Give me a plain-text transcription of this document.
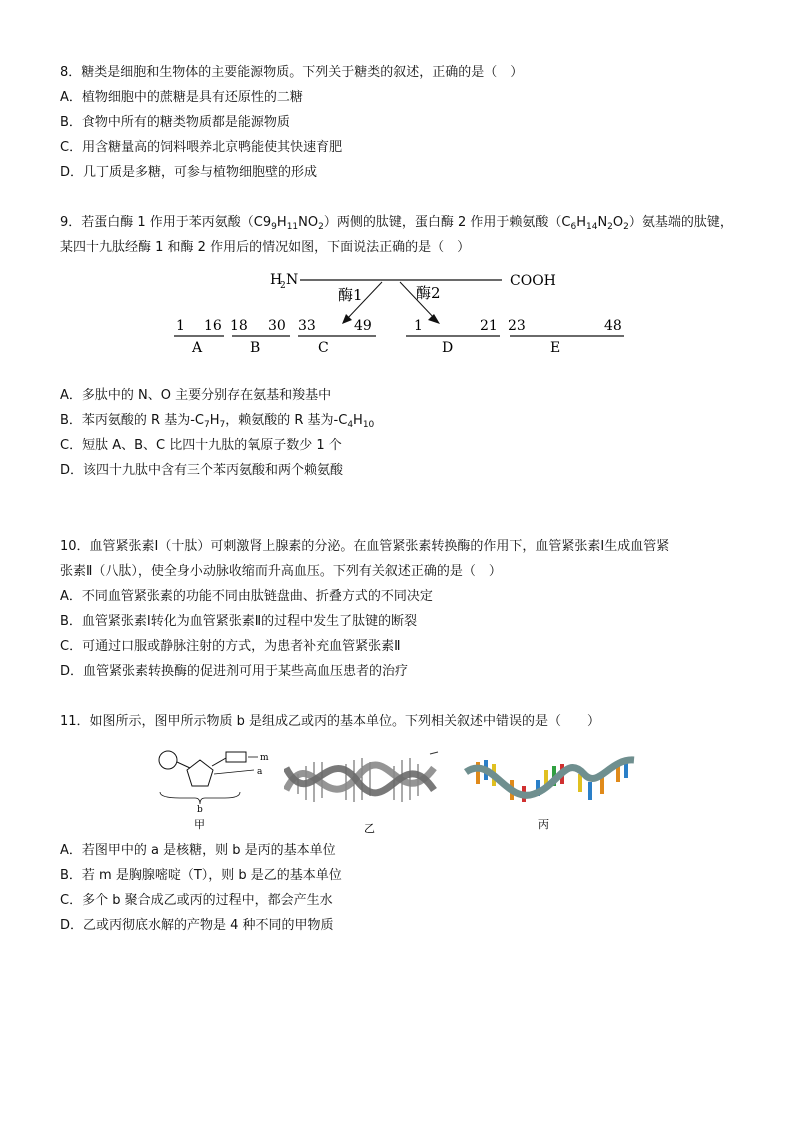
8．糖类是细胞和生物体的主要能源物质。下列关于糖类的叙述，正确的是（　）
A．植物细胞中的蔗糖是具有还原性的二糖
B．食物中所有的糖类物质都是能源物质
C．用含糖量高的饲料喂养北京鸭能使其快速育肥
D．几丁质是多糖，可参与植物细胞壁的形成
9．若蛋白酶 1 作用于苯丙氨酸$(C9_9H_{11}NO_2)$两侧的肽键，蛋白酶 2 作用于赖氨酸$(C_6H_{14}N_2O_2)$氨基端的肽键，
某四十九肽经酶 1 和酶 2 作用后的情况如图，下面说法正确的是（　）
H
2 N	COOH
酶1	酶2
1 16
A
18 30
B
33	49
C
1	21
D
23	48
E
A．多肽中的 N、O 主要分别存在氨基和羧基中
B．苯丙氨酸的 R 基为$-C_7H_7$，赖氨酸的 R 基为$-C_4H_{10}$
C．短肽 A、B、C 比四十九肽的氧原子数少 1 个
D．该四十九肽中含有三个苯丙氨酸和两个赖氨酸
10．血管紧张素Ⅰ（十肽）可刺激肾上腺素的分泌。在血管紧张素转换酶的作用下，血管紧张素Ⅰ生成血管紧
张素Ⅱ（八肽），使全身小动脉收缩而升高血压。下列有关叙述正确的是（　）
A．不同血管紧张素的功能不同由肽链盘曲、折叠方式的不同决定
B．血管紧张素Ⅰ转化为血管紧张素Ⅱ的过程中发生了肽键的断裂
C．可通过口服或静脉注射的方式，为患者补充血管紧张素Ⅱ
D．血管紧张素转换酶的促进剂可用于某些高血压患者的治疗
11．如图所示，图甲所示物质 b 是组成乙或丙的基本单位。下列相关叙述中错误的是（　　）
m
a
b
甲	乙	丙
A．若图甲中的 a 是核糖，则 b 是丙的基本单位
B．若 m 是胸腺嘧啶（T），则 b 是乙的基本单位
C．多个 b 聚合成乙或丙的过程中，都会产生水
D．乙或丙彻底水解的产物是 4 种不同的甲物质
